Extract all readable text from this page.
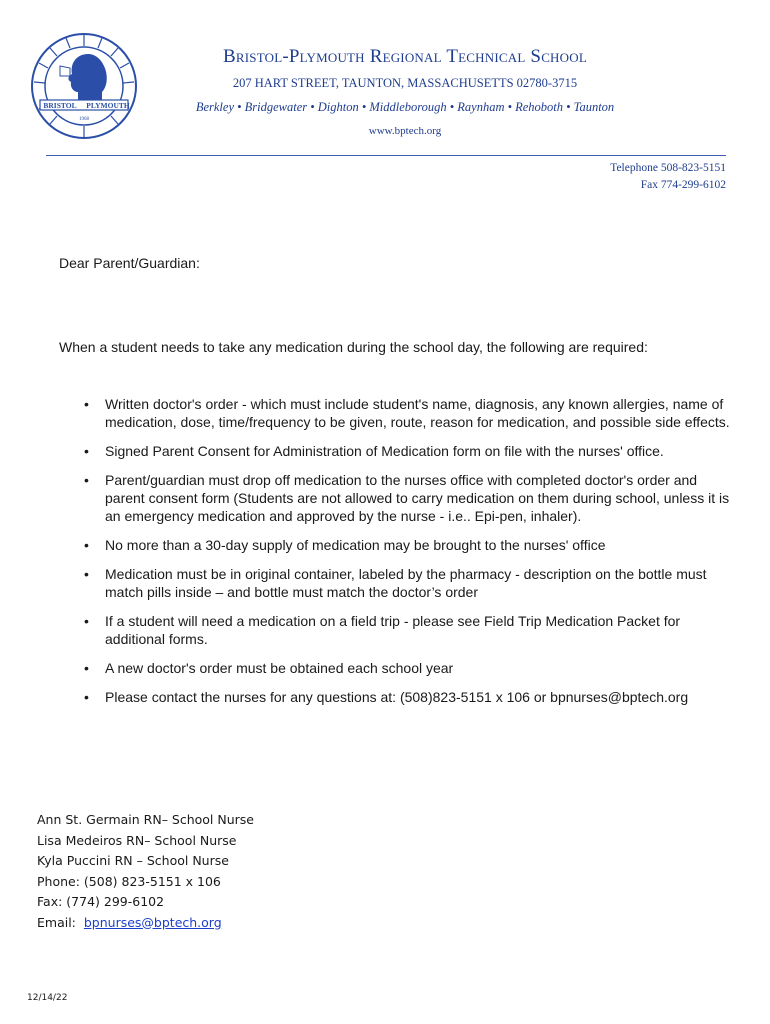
BRISTOL PLYMOUTH
1968
Bristol-Plymouth Regional Technical School
207 HART STREET, TAUNTON, MASSACHUSETTS 02780-3715
Berkley • Bridgewater • Dighton • Middleborough • Raynham • Rehoboth • Taunton
www.bptech.org
Telephone 508-823-5151
Fax 774-299-6102
Dear Parent/Guardian:
When a student needs to take any medication during the school day, the following are required:
• Written doctor's order - which must include student's name, diagnosis, any known allergies, name of medication, dose, time/frequency to be given, route, reason for medication, and possible side effects.
• Signed Parent Consent for Administration of Medication form on file with the nurses' office.
• Parent/guardian must drop off medication to the nurses office with completed doctor's order and parent consent form (Students are not allowed to carry medication on them during school, unless it is an emergency medication and approved by the nurse - i.e.. Epi-pen, inhaler).
• No more than a 30-day supply of medication may be brought to the nurses' office
• Medication must be in original container, labeled by the pharmacy - description on the bottle must match pills inside – and bottle must match the doctor’s order
• If a student will need a medication on a field trip - please see Field Trip Medication Packet for additional forms.
• A new doctor's order must be obtained each school year
• Please contact the nurses for any questions at: (508)823-5151 x 106 or bpnurses@bptech.org
Ann St. Germain RN– School Nurse
Lisa Medeiros RN– School Nurse
Kyla Puccini RN – School Nurse
Phone: (508) 823-5151 x 106
Fax: (774) 299-6102
Email: bpnurses@bptech.org
12/14/22
